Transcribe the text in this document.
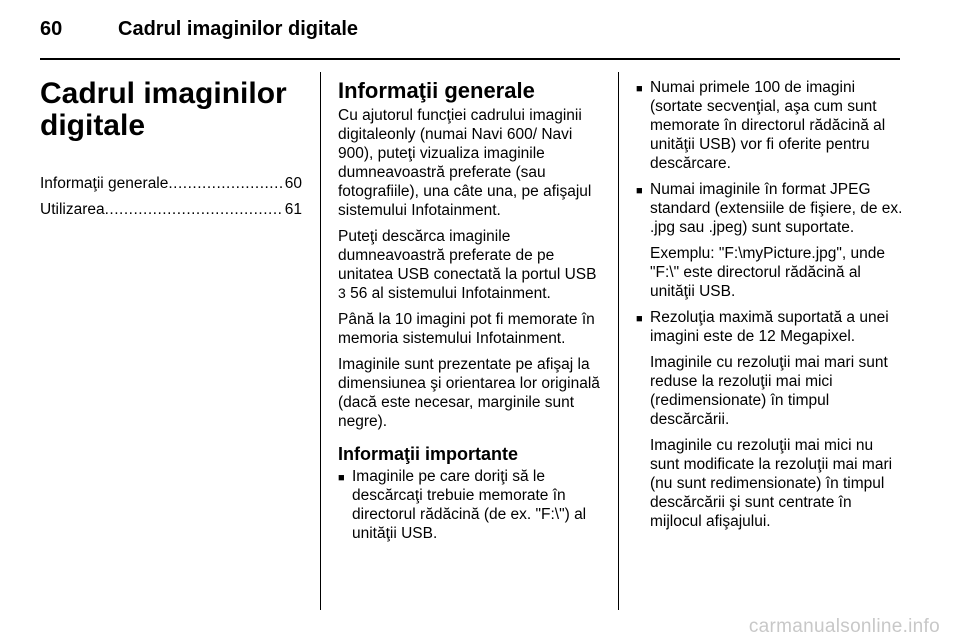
60	Cadrul imaginilor digitale
Cadrul imaginilor digitale
Informaţii generale .....	60
Utilizarea .....	61
Informaţii generale

Cu ajutorul funcţiei cadrului imaginii digitaleonly (numai Navi 600/ Navi 900), puteţi vizualiza imaginile dumneavoastră preferate (sau fotografiile), una câte una, pe afişajul sistemului Infotainment.

Puteţi descărca imaginile dumneavoastră preferate de pe unitatea USB conectată la portul USB 3 56 al sistemului Infotainment.

Până la 10 imagini pot fi memorate în memoria sistemului Infotainment.

Imaginile sunt prezentate pe afişaj la dimensiunea şi orientarea lor originală (dacă este necesar, marginile sunt negre).

Informaţii importante
■ Imaginile pe care doriţi să le descărcaţi trebuie memorate în directorul rădăcină (de ex. "F:\") al unităţii USB.
■ Numai primele 100 de imagini (sortate secvenţial, aşa cum sunt memorate în directorul rădăcină al unităţii USB) vor fi oferite pentru descărcare.
■ Numai imaginile în format JPEG standard (extensiile de fişiere, de ex. .jpg sau .jpeg) sunt suportate.

Exemplu: "F:\myPicture.jpg", unde "F:\" este directorul rădăcină al unităţii USB.

■ Rezoluţia maximă suportată a unei imagini este de 12 Megapixel.

Imaginile cu rezoluţii mai mari sunt reduse la rezoluţii mai mici (redimensionate) în timpul descărcării.

Imaginile cu rezoluţii mai mici nu sunt modificate la rezoluţii mai mari (nu sunt redimensionate) în timpul descărcării şi sunt centrate în mijlocul afişajului.

carmanualsonline.info
